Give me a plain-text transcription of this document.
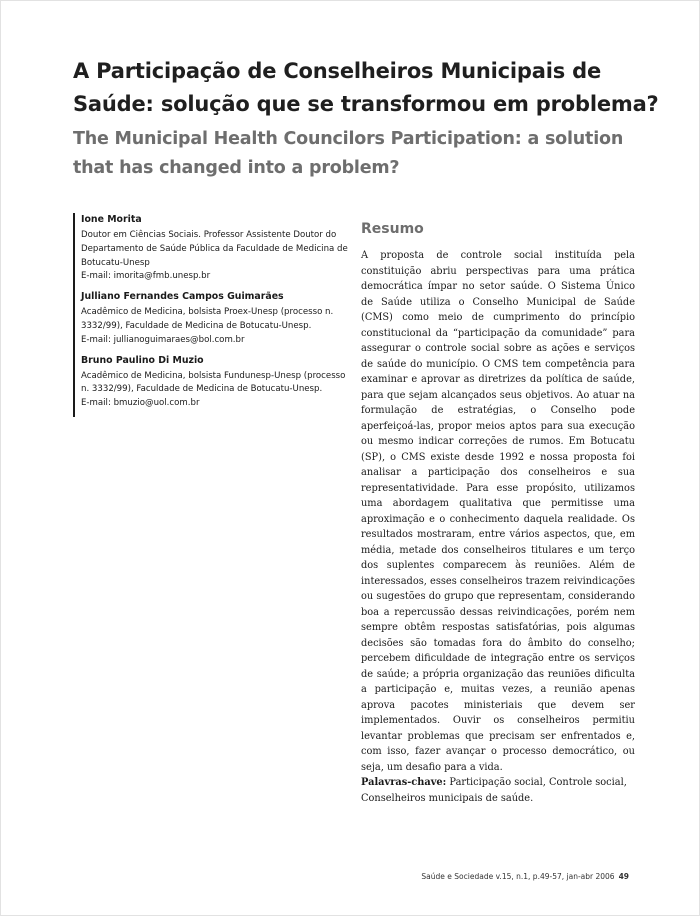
A Participação de Conselheiros Municipais de Saúde: solução que se transformou em problema?
The Municipal Health Councilors Participation: a solution that has changed into a problem?

Ione Morita

Doutor em Ciências Sociais. Professor Assistente Doutor do Departamento de Saúde Pública da Faculdade de Medicina de Botucatu-Unesp

E-mail: imorita@fmb.unesp.br

Julliano Fernandes Campos Guimarães

Acadêmico de Medicina, bolsista Proex-Unesp (processo n. 3332/99), Faculdade de Medicina de Botucatu-Unesp.

E-mail: jullianoguimaraes@bol.com.br

Bruno Paulino Di Muzio

Acadêmico de Medicina, bolsista Fundunesp-Unesp (processo n. 3332/99), Faculdade de Medicina de Botucatu-Unesp.

E-mail: bmuzio@uol.com.br

Resumo

A proposta de controle social instituída pela constituição abriu perspectivas para uma prática democrática ímpar no setor saúde. O Sistema Único de Saúde utiliza o Conselho Municipal de Saúde (CMS) como meio de cumprimento do princípio constitucional da “participação da comunidade” para assegurar o controle social sobre as ações e serviços de saúde do município. O CMS tem competência para examinar e aprovar as diretrizes da política de saúde, para que sejam alcançados seus objetivos. Ao atuar na formulação de estratégias, o Conselho pode aperfeiçoá-las, propor meios aptos para sua execução ou mesmo indicar correções de rumos. Em Botucatu (SP), o CMS existe desde 1992 e nossa proposta foi analisar a participação dos conselheiros e sua representatividade. Para esse propósito, utilizamos uma abordagem qualitativa que permitisse uma aproximação e o conhecimento daquela realidade. Os resultados mostraram, entre vários aspectos, que, em média, metade dos conselheiros titulares e um terço dos suplentes comparecem às reuniões. Além de interessados, esses conselheiros trazem reivindicações ou sugestões do grupo que representam, considerando boa a repercussão dessas reivindicações, porém nem sempre obtêm respostas satisfatórias, pois algumas decisões são tomadas fora do âmbito do conselho; percebem dificuldade de integração entre os serviços de saúde; a própria organização das reuniões dificulta a participação e, muitas vezes, a reunião apenas aprova pacotes ministeriais que devem ser implementados. Ouvir os conselheiros permitiu levantar problemas que precisam ser enfrentados e, com isso, fazer avançar o processo democrático, ou seja, um desafio para a vida.

Palavras-chave: Participação social, Controle social, Conselheiros municipais de saúde.

Saúde e Sociedade v.15, n.1, p.49-57, jan-abr 2006 49
